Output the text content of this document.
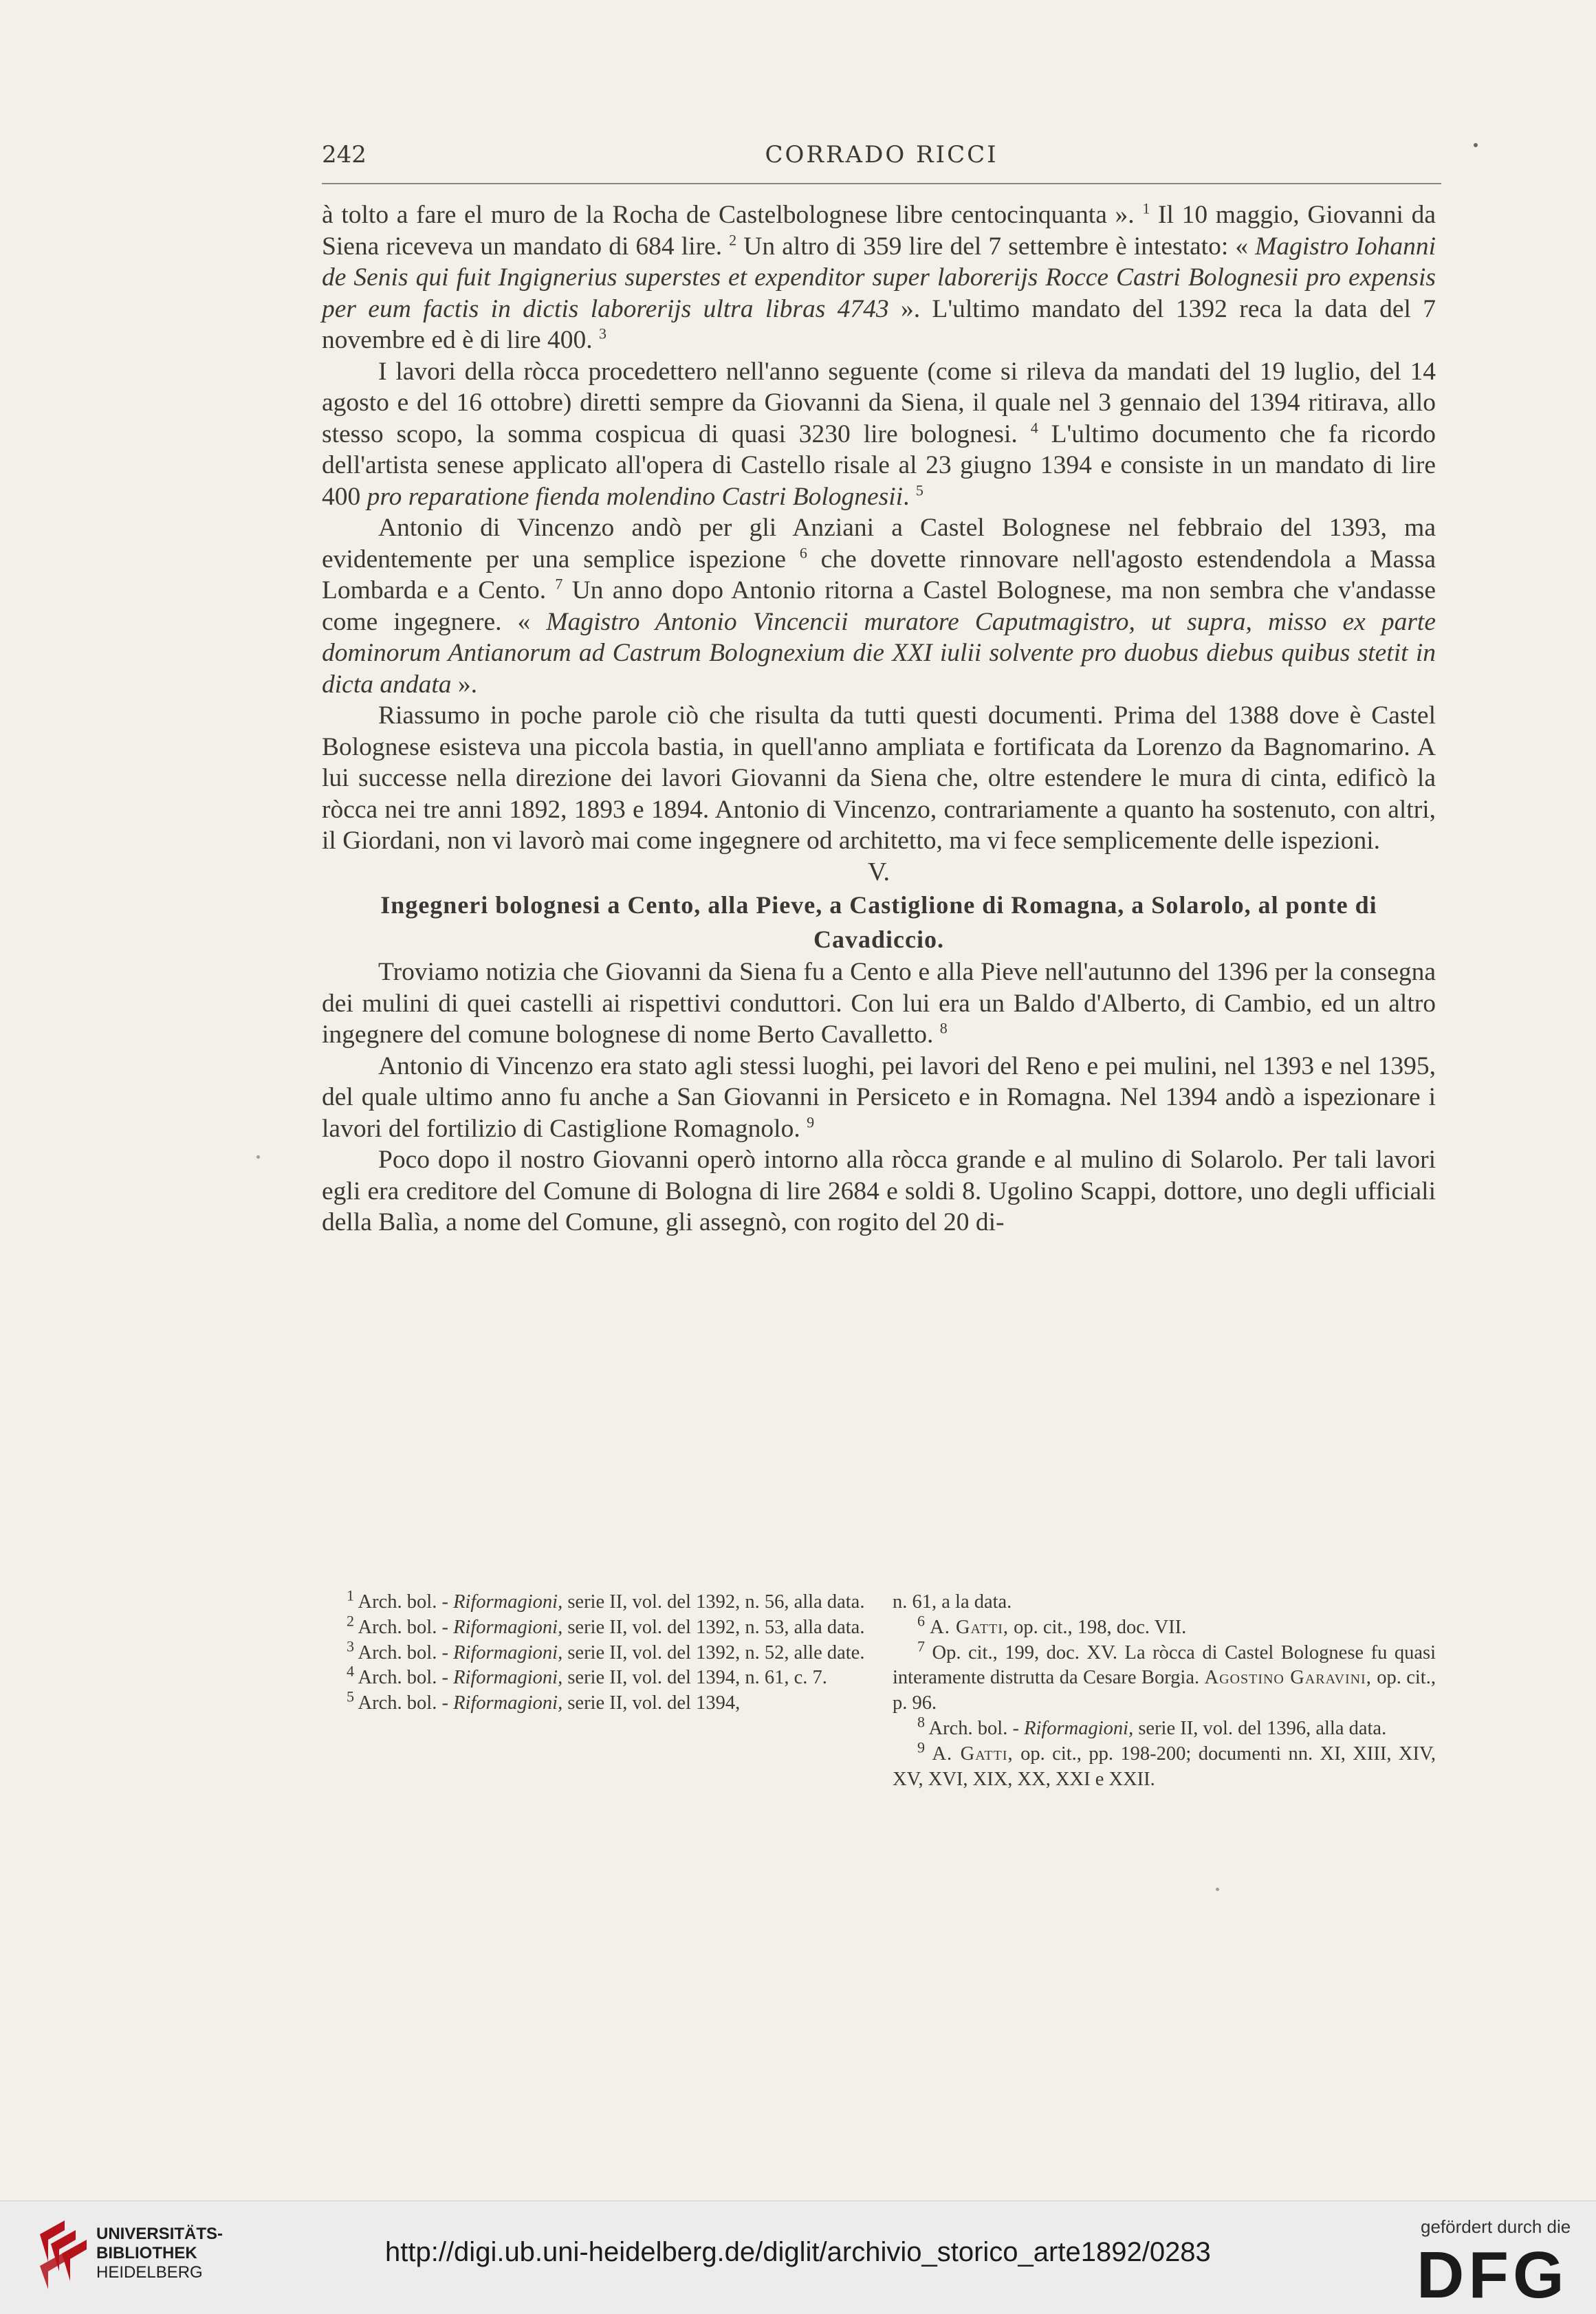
242	CORRADO RICCI

à tolto a fare el muro de la Rocha de Castelbolognese libre centocinquanta ». $^1$ Il 10 maggio, Giovanni da Siena riceveva un mandato di 684 lire. $^2$ Un altro di 359 lire del 7 settembre è intestato: « Magistro Iohanni de Senis qui fuit Ingignerius superstes et expenditor super laborerijs Rocce Castri Bolognesii pro expensis per eum factis in dictis laborerijs ultra libras 4743 ». L'ultimo mandato del 1392 reca la data del 7 novembre ed è di lire 400. $^3$

I lavori della ròcca procedettero nell'anno seguente (come si rileva da mandati del 19 luglio, del 14 agosto e del 16 ottobre) diretti sempre da Giovanni da Siena, il quale nel 3 gennaio del 1394 ritirava, allo stesso scopo, la somma cospicua di quasi 3230 lire bolognesi. $^4$ L'ultimo documento che fa ricordo dell'artista senese applicato all'opera di Castello risale al 23 giugno 1394 e consiste in un mandato di lire 400 pro reparatione fienda molendino Castri Bolognesii. $^5$

Antonio di Vincenzo andò per gli Anziani a Castel Bolognese nel febbraio del 1393, ma evidentemente per una semplice ispezione $^6$ che dovette rinnovare nell'agosto estendendola a Massa Lombarda e a Cento. $^7$ Un anno dopo Antonio ritorna a Castel Bolognese, ma non sembra che v'andasse come ingegnere. « Magistro Antonio Vincencii muratore Caputmagistro, ut supra, misso ex parte dominorum Antianorum ad Castrum Bolognexium die XXI iulii solvente pro duobus diebus quibus stetit in dicta andata ».

Riassumo in poche parole ciò che risulta da tutti questi documenti. Prima del 1388 dove è Castel Bolognese esisteva una piccola bastia, in quell'anno ampliata e fortificata da Lorenzo da Bagnomarino. A lui successe nella direzione dei lavori Giovanni da Siena che, oltre estendere le mura di cinta, edificò la ròcca nei tre anni 1892, 1893 e 1894. Antonio di Vincenzo, contrariamente a quanto ha sostenuto, con altri, il Giordani, non vi lavorò mai come ingegnere od architetto, ma vi fece semplicemente delle ispezioni.

V.

Ingegneri bolognesi a Cento, alla Pieve, a Castiglione di Romagna, a Solarolo, al ponte di Cavadiccio.

Troviamo notizia che Giovanni da Siena fu a Cento e alla Pieve nell'autunno del 1396 per la consegna dei mulini di quei castelli ai rispettivi conduttori. Con lui era un Baldo d'Alberto, di Cambio, ed un altro ingegnere del comune bolognese di nome Berto Cavalletto. $^8$

Antonio di Vincenzo era stato agli stessi luoghi, pei lavori del Reno e pei mulini, nel 1393 e nel 1395, del quale ultimo anno fu anche a San Giovanni in Persiceto e in Romagna. Nel 1394 andò a ispezionare i lavori del fortilizio di Castiglione Romagnolo. $^9$

Poco dopo il nostro Giovanni operò intorno alla ròcca grande e al mulino di Solarolo. Per tali lavori egli era creditore del Comune di Bologna di lire 2684 e soldi 8. Ugolino Scappi, dottore, uno degli ufficiali della Balìa, a nome del Comune, gli assegnò, con rogito del 20 di-

$^1$ Arch. bol. - Riformagioni, serie II, vol. del 1392, n. 56, alla data.

$^2$ Arch. bol. - Riformagioni, serie II, vol. del 1392, n. 53, alla data.

$^3$ Arch. bol. - Riformagioni, serie II, vol. del 1392, n. 52, alle date.

$^4$ Arch. bol. - Riformagioni, serie II, vol. del 1394, n. 61, c. 7.

$^5$ Arch. bol. - Riformagioni, serie II, vol. del 1394,

n. 61, a la data.

$^6$ A. Gatti, op. cit., 198, doc. VII.

$^7$ Op. cit., 199, doc. XV. La ròcca di Castel Bolognese fu quasi interamente distrutta da Cesare Borgia. Agostino Garavini, op. cit., p. 96.

$^8$ Arch. bol. - Riformagioni, serie II, vol. del 1396, alla data.

$^9$ A. Gatti, op. cit., pp. 198-200; documenti nn. XI, XIII, XIV, XV, XVI, XIX, XX, XXI e XXII.

UNIVERSITÄTS-
BIBLIOTHEK
HEIDELBERG
http://digi.ub.uni-heidelberg.de/diglit/archivio_storico_arte1892/0283
gefördert durch die
DFG
